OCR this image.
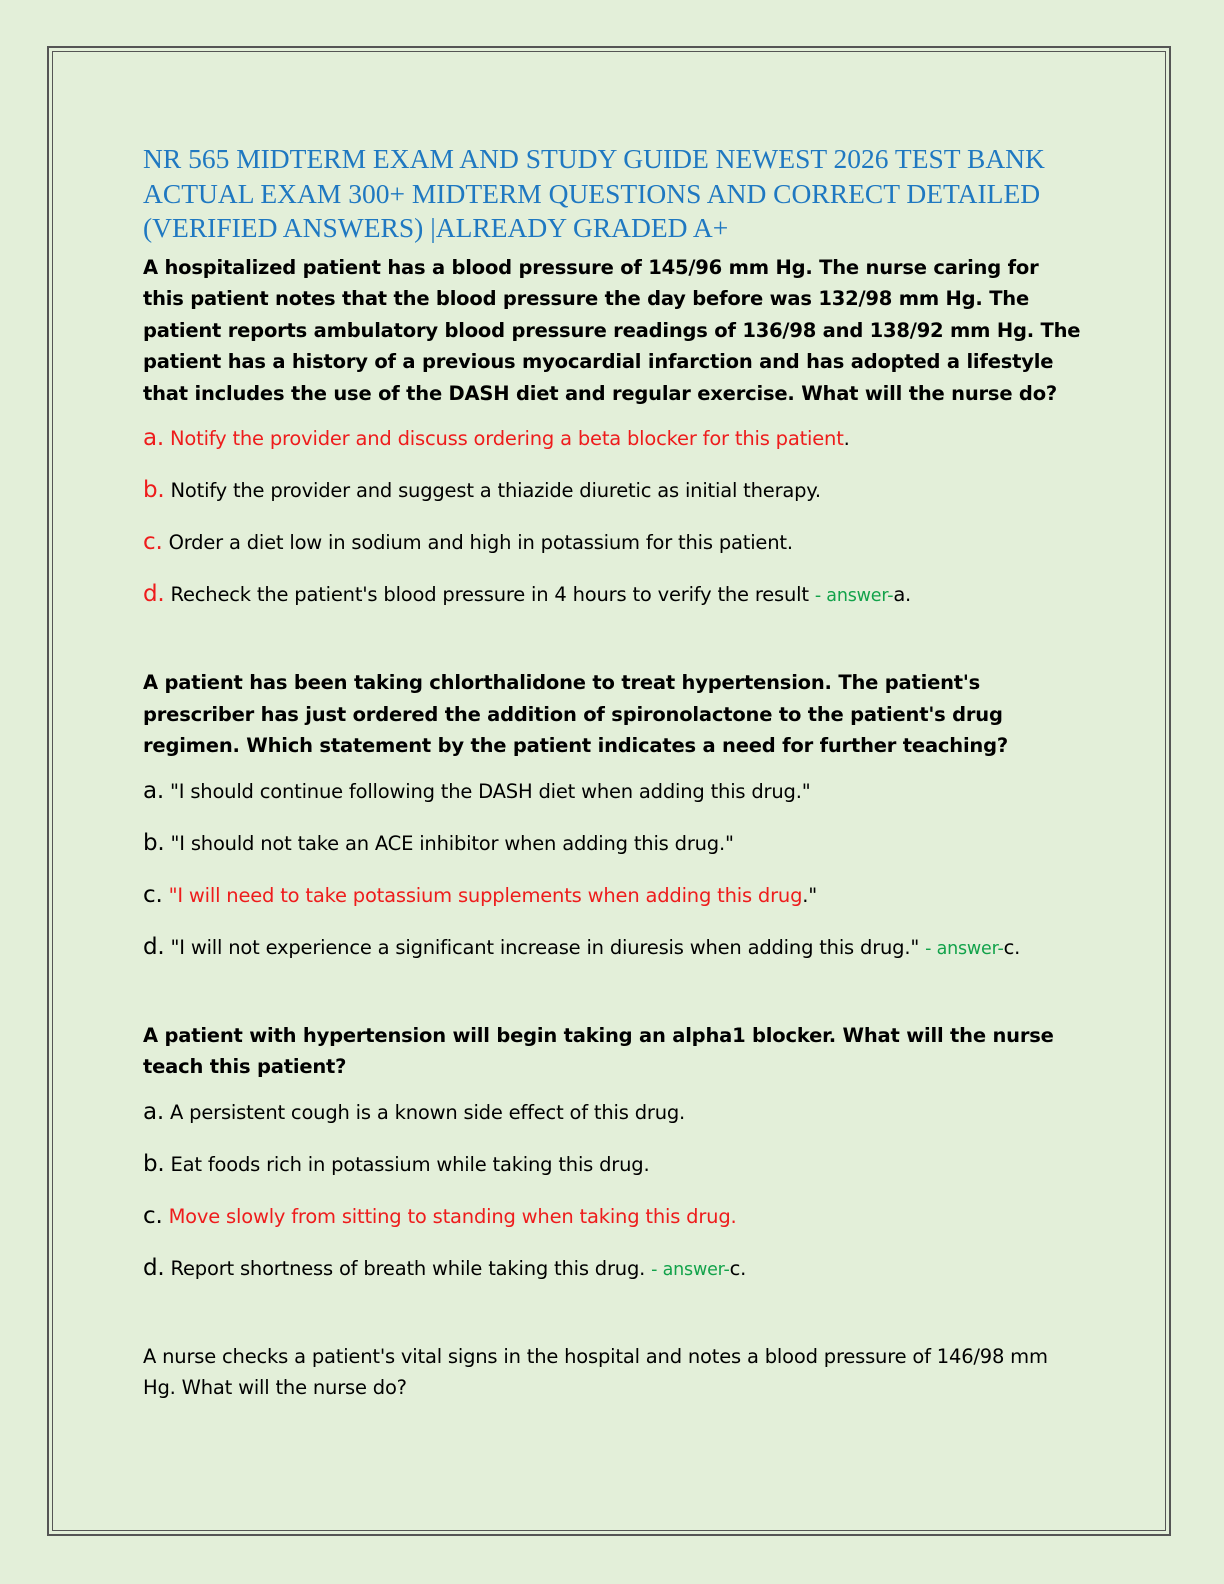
NR 565 MIDTERM EXAM AND STUDY GUIDE NEWEST 2026 TEST BANK ACTUAL EXAM 300+ MIDTERM QUESTIONS AND CORRECT DETAILED (VERIFIED ANSWERS) |ALREADY GRADED A+

A hospitalized patient has a blood pressure of 145/96 mm Hg. The nurse caring for this patient notes that the blood pressure the day before was 132/98 mm Hg. The patient reports ambulatory blood pressure readings of 136/98 and 138/92 mm Hg. The patient has a history of a previous myocardial infarction and has adopted a lifestyle that includes the use of the DASH diet and regular exercise. What will the nurse do?

a. Notify the provider and discuss ordering a beta blocker for this patient.

b. Notify the provider and suggest a thiazide diuretic as initial therapy.

c. Order a diet low in sodium and high in potassium for this patient.

d. Recheck the patient's blood pressure in 4 hours to verify the result - answer-a.

A patient has been taking chlorthalidone to treat hypertension. The patient's prescriber has just ordered the addition of spironolactone to the patient's drug regimen. Which statement by the patient indicates a need for further teaching?

a. "I should continue following the DASH diet when adding this drug."

b. "I should not take an ACE inhibitor when adding this drug."

c. "I will need to take potassium supplements when adding this drug."

d. "I will not experience a significant increase in diuresis when adding this drug." - answer-c.

A patient with hypertension will begin taking an alpha1 blocker. What will the nurse teach this patient?

a. A persistent cough is a known side effect of this drug.

b. Eat foods rich in potassium while taking this drug.

c. Move slowly from sitting to standing when taking this drug.

d. Report shortness of breath while taking this drug. - answer-c.

A nurse checks a patient's vital signs in the hospital and notes a blood pressure of 146/98 mm Hg. What will the nurse do?
